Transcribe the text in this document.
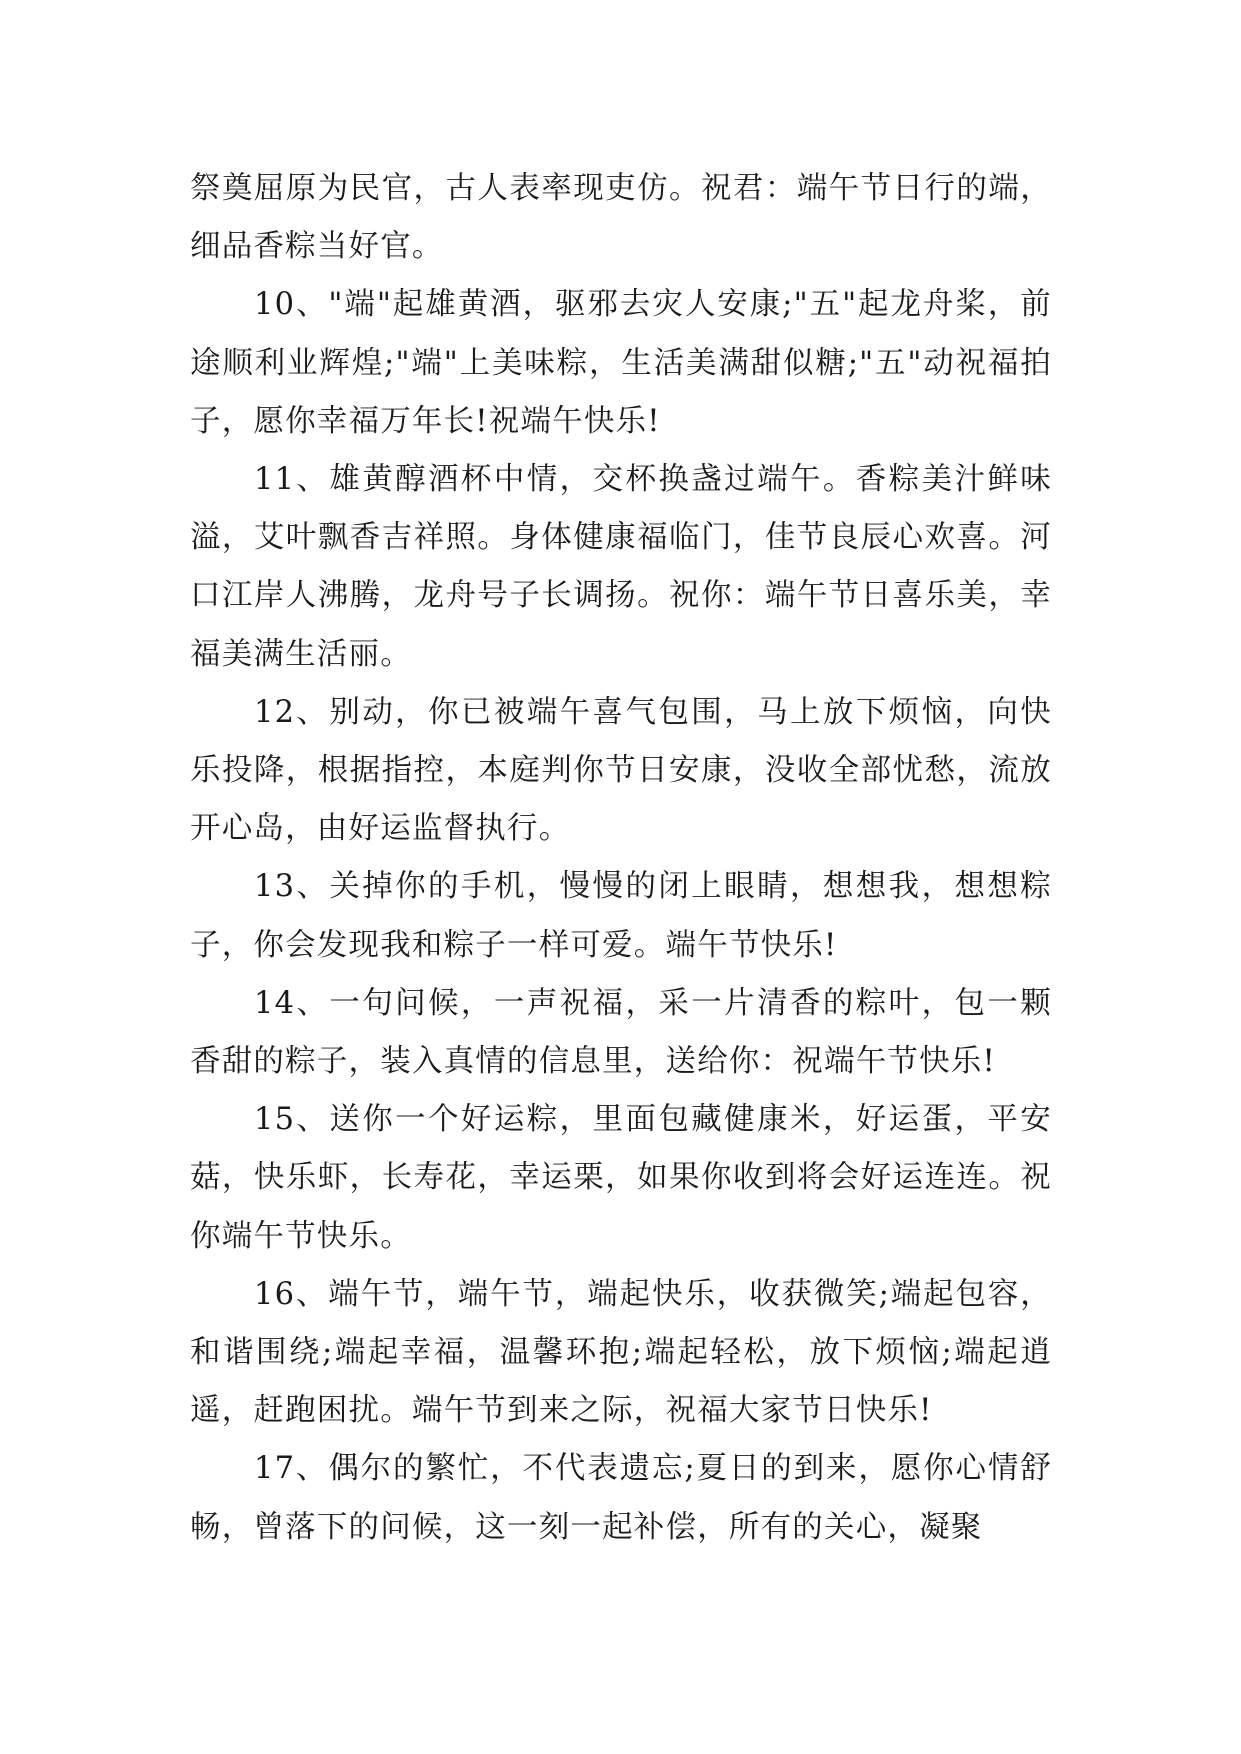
祭奠屈原为民官，古人表率现吏仿。祝君：端午节日行的端，细品香粽当好官。

10、"端"起雄黄酒，驱邪去灾人安康;"五"起龙舟桨，前途顺利业辉煌;"端"上美味粽，生活美满甜似糖;"五"动祝福拍子，愿你幸福万年长!祝端午快乐!

11、雄黄醇酒杯中情，交杯换盏过端午。香粽美汁鲜味溢，艾叶飘香吉祥照。身体健康福临门，佳节良辰心欢喜。河口江岸人沸腾，龙舟号子长调扬。祝你：端午节日喜乐美，幸福美满生活丽。

12、别动，你已被端午喜气包围，马上放下烦恼，向快乐投降，根据指控，本庭判你节日安康，没收全部忧愁，流放开心岛，由好运监督执行。

13、关掉你的手机，慢慢的闭上眼睛，想想我，想想粽子，你会发现我和粽子一样可爱。端午节快乐!

14、一句问候，一声祝福，采一片清香的粽叶，包一颗香甜的粽子，装入真情的信息里，送给你：祝端午节快乐!

15、送你一个好运粽，里面包藏健康米，好运蛋，平安菇，快乐虾，长寿花，幸运栗，如果你收到将会好运连连。祝你端午节快乐。

16、端午节，端午节，端起快乐，收获微笑;端起包容，和谐围绕;端起幸福，温馨环抱;端起轻松，放下烦恼;端起逍遥，赶跑困扰。端午节到来之际，祝福大家节日快乐!

17、偶尔的繁忙，不代表遗忘;夏日的到来，愿你心情舒畅，曾落下的问候，这一刻一起补偿，所有的关心，凝聚
